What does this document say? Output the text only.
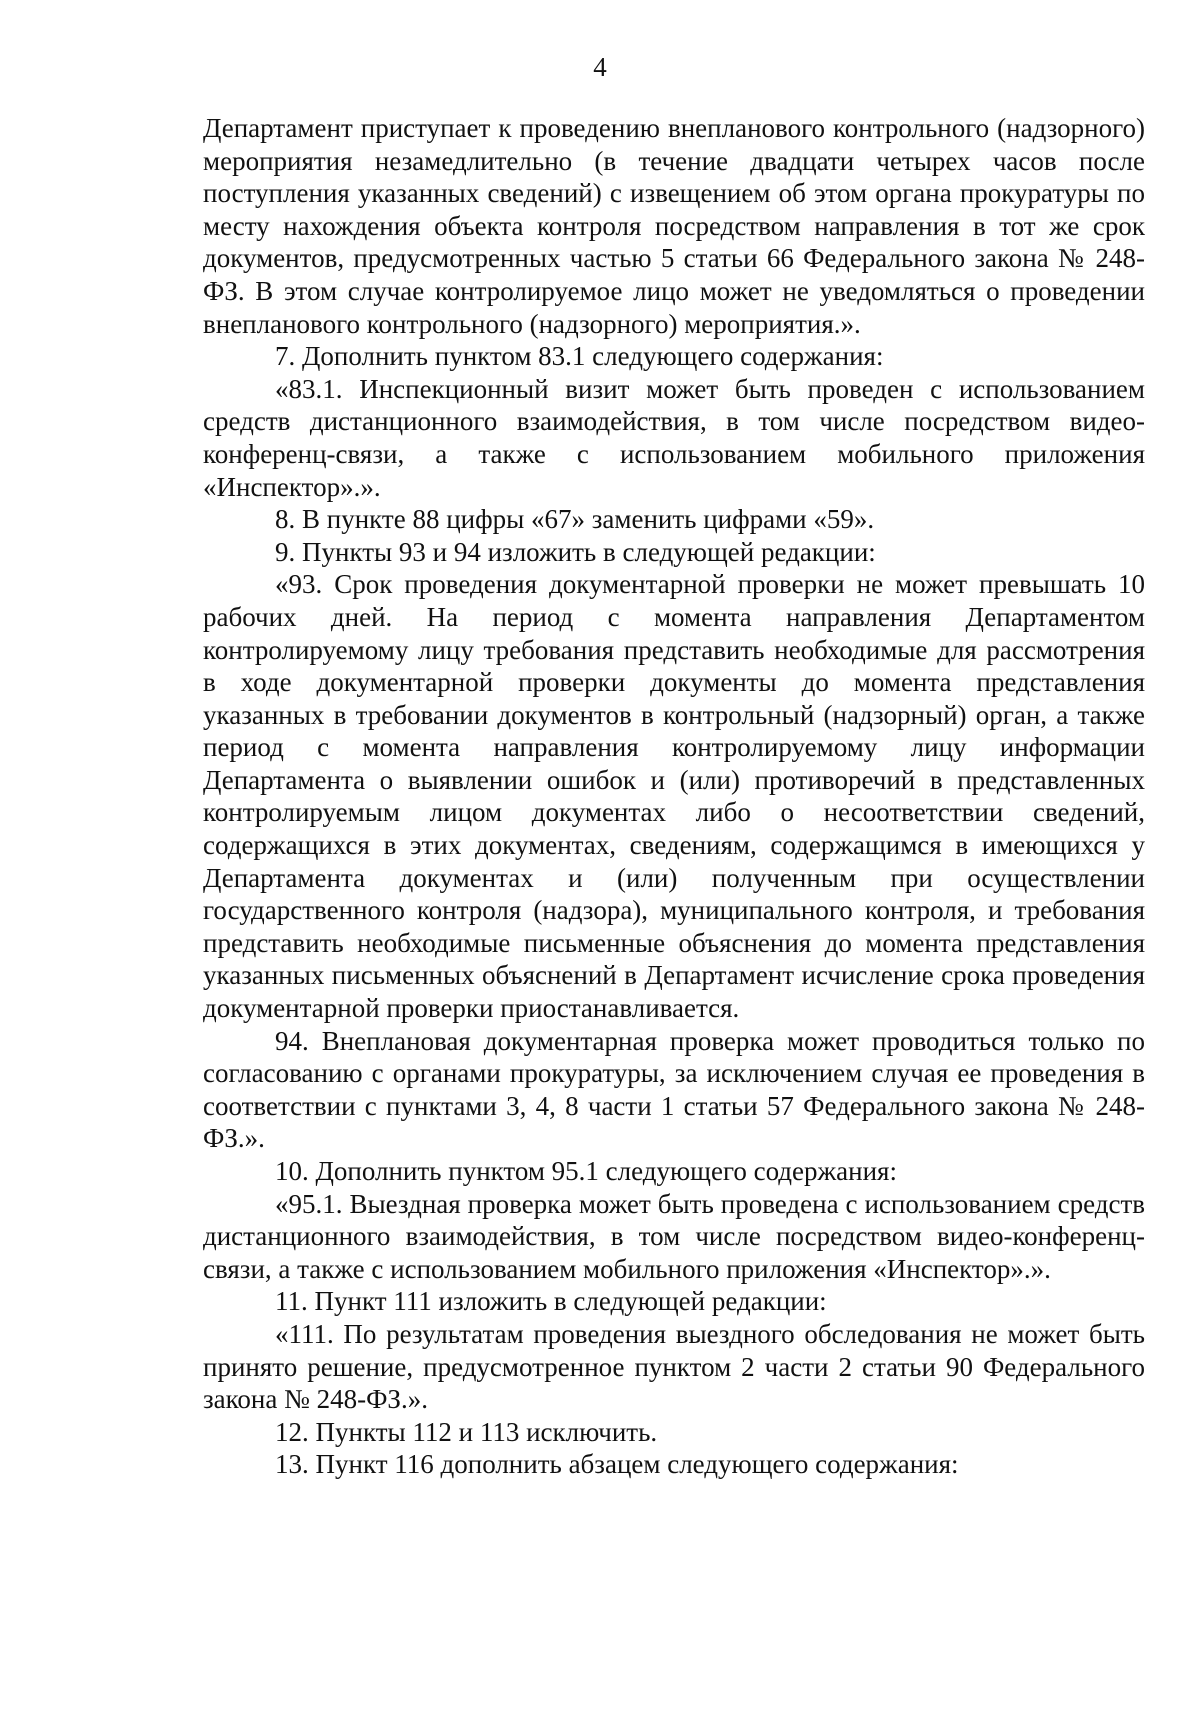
4

Департамент приступает к проведению внепланового контрольного (надзорного) мероприятия незамедлительно (в течение двадцати четырех часов после поступления указанных сведений) с извещением об этом органа прокуратуры по месту нахождения объекта контроля посредством направления в тот же срок документов, предусмотренных частью 5 статьи 66 Федерального закона № 248-ФЗ. В этом случае контролируемое лицо может не уведомляться о проведении внепланового контрольного (надзорного) мероприятия.».

7. Дополнить пунктом 83.1 следующего содержания:

«83.1. Инспекционный визит может быть проведен с использованием средств дистанционного взаимодействия, в том числе посредством видео-конференц-связи, а также с использованием мобильного приложения «Инспектор».».

8. В пункте 88 цифры «67» заменить цифрами «59».

9. Пункты 93 и 94 изложить в следующей редакции:

«93. Срок проведения документарной проверки не может превышать 10 рабочих дней. На период с момента направления Департаментом контролируемому лицу требования представить необходимые для рассмотрения в ходе документарной проверки документы до момента представления указанных в требовании документов в контрольный (надзорный) орган, а также период с момента направления контролируемому лицу информации Департамента о выявлении ошибок и (или) противоречий в представленных контролируемым лицом документах либо о несоответствии сведений, содержащихся в этих документах, сведениям, содержащимся в имеющихся у Департамента документах и (или) полученным при осуществлении государственного контроля (надзора), муниципального контроля, и требования представить необходимые письменные объяснения до момента представления указанных письменных объяснений в Департамент исчисление срока проведения документарной проверки приостанавливается.

94. Внеплановая документарная проверка может проводиться только по согласованию с органами прокуратуры, за исключением случая ее проведения в соответствии с пунктами 3, 4, 8 части 1 статьи 57 Федерального закона № 248-ФЗ.».

10. Дополнить пунктом 95.1 следующего содержания:

«95.1. Выездная проверка может быть проведена с использованием средств дистанционного взаимодействия, в том числе посредством видео-конференц-связи, а также с использованием мобильного приложения «Инспектор».».

11. Пункт 111 изложить в следующей редакции:

«111. По результатам проведения выездного обследования не может быть принято решение, предусмотренное пунктом 2 части 2 статьи 90 Федерального закона № 248-ФЗ.».

12. Пункты 112 и 113 исключить.

13. Пункт 116 дополнить абзацем следующего содержания:
